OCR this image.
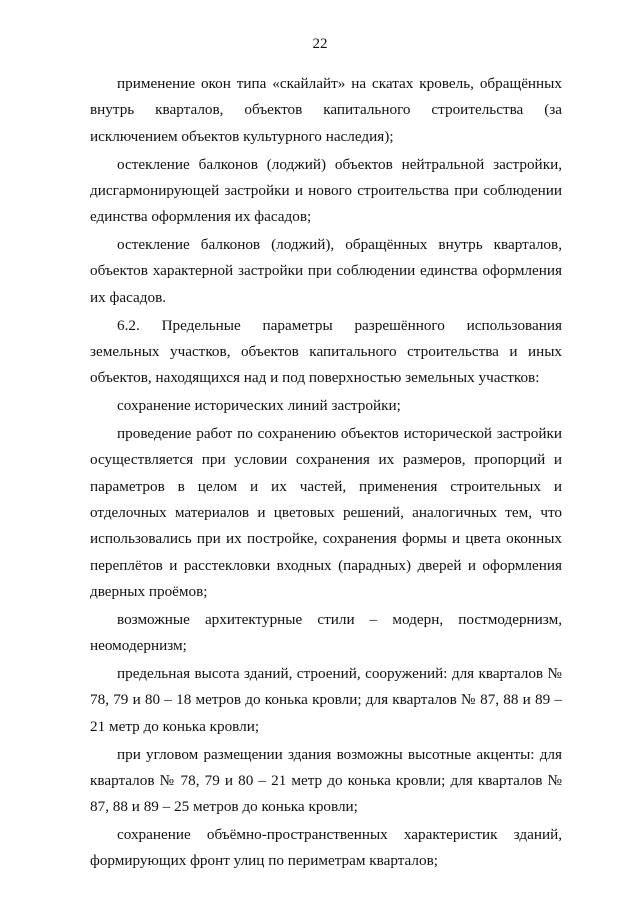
22

применение окон типа «скайлайт» на скатах кровель, обращённых внутрь кварталов, объектов капитального строительства (за исключением объектов культурного наследия);

остекление балконов (лоджий) объектов нейтральной застройки, дисгармонирующей застройки и нового строительства при соблюдении единства оформления их фасадов;

остекление балконов (лоджий), обращённых внутрь кварталов, объектов характерной застройки при соблюдении единства оформления их фасадов.

6.2. Предельные параметры разрешённого использования земельных участков, объектов капитального строительства и иных объектов, находящихся над и под поверхностью земельных участков:

сохранение исторических линий застройки;

проведение работ по сохранению объектов исторической застройки осуществляется при условии сохранения их размеров, пропорций и параметров в целом и их частей, применения строительных и отделочных материалов и цветовых решений, аналогичных тем, что использовались при их постройке, сохранения формы и цвета оконных переплётов и расстекловки входных (парадных) дверей и оформления дверных проёмов;

возможные архитектурные стили – модерн, постмодернизм, неомодернизм;

предельная высота зданий, строений, сооружений: для кварталов № 78, 79 и 80 – 18 метров до конька кровли; для кварталов № 87, 88 и 89 – 21 метр до конька кровли;

при угловом размещении здания возможны высотные акценты: для кварталов № 78, 79 и 80 – 21 метр до конька кровли; для кварталов № 87, 88 и 89 – 25 метров до конька кровли;

сохранение объёмно-пространственных характеристик зданий, формирующих фронт улиц по периметрам кварталов;
